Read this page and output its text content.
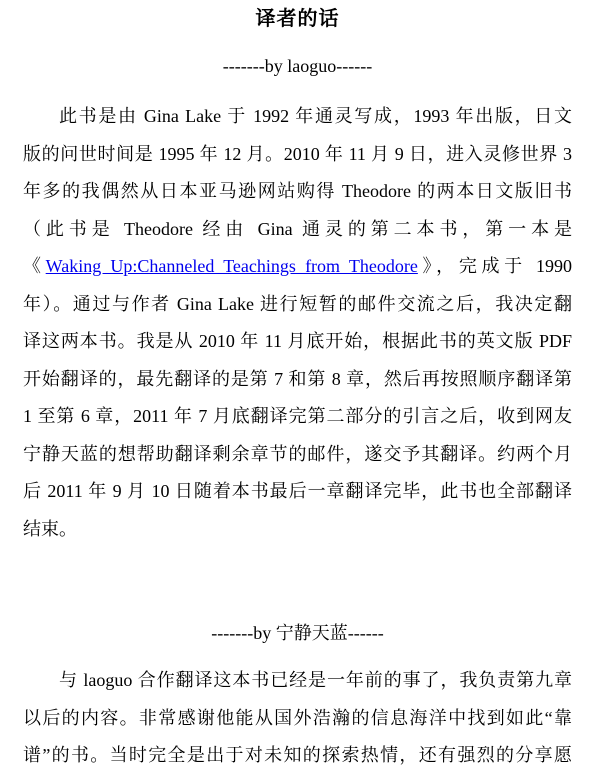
译者的话
-------by laoguo------
此书是由 Gina Lake 于 1992 年通灵写成，1993 年出版，日文
版的问世时间是 1995 年 12 月。2010 年 11 月 9 日，进入灵修世界 3
年多的我偶然从日本亚马逊网站购得 Theodore 的两本日文版旧书
（此书是 Theodore 经由 Gina 通灵的第二本书，第一本是
《Waking Up:Channeled Teachings from Theodore》，完成于 1990
年）。通过与作者 Gina Lake 进行短暂的邮件交流之后，我决定翻
译这两本书。我是从 2010 年 11 月底开始，根据此书的英文版 PDF
开始翻译的，最先翻译的是第 7 和第 8 章，然后再按照顺序翻译第
1 至第 6 章，2011 年 7 月底翻译完第二部分的引言之后，收到网友
宁静天蓝的想帮助翻译剩余章节的邮件，遂交予其翻译。约两个月
后 2011 年 9 月 10 日随着本书最后一章翻译完毕，此书也全部翻译
结束。
-------by 宁静天蓝------
与 laoguo 合作翻译这本书已经是一年前的事了，我负责第九章
以后的内容。非常感谢他能从国外浩瀚的信息海洋中找到如此“靠
谱”的书。当时完全是出于对未知的探索热情，还有强烈的分享愿
